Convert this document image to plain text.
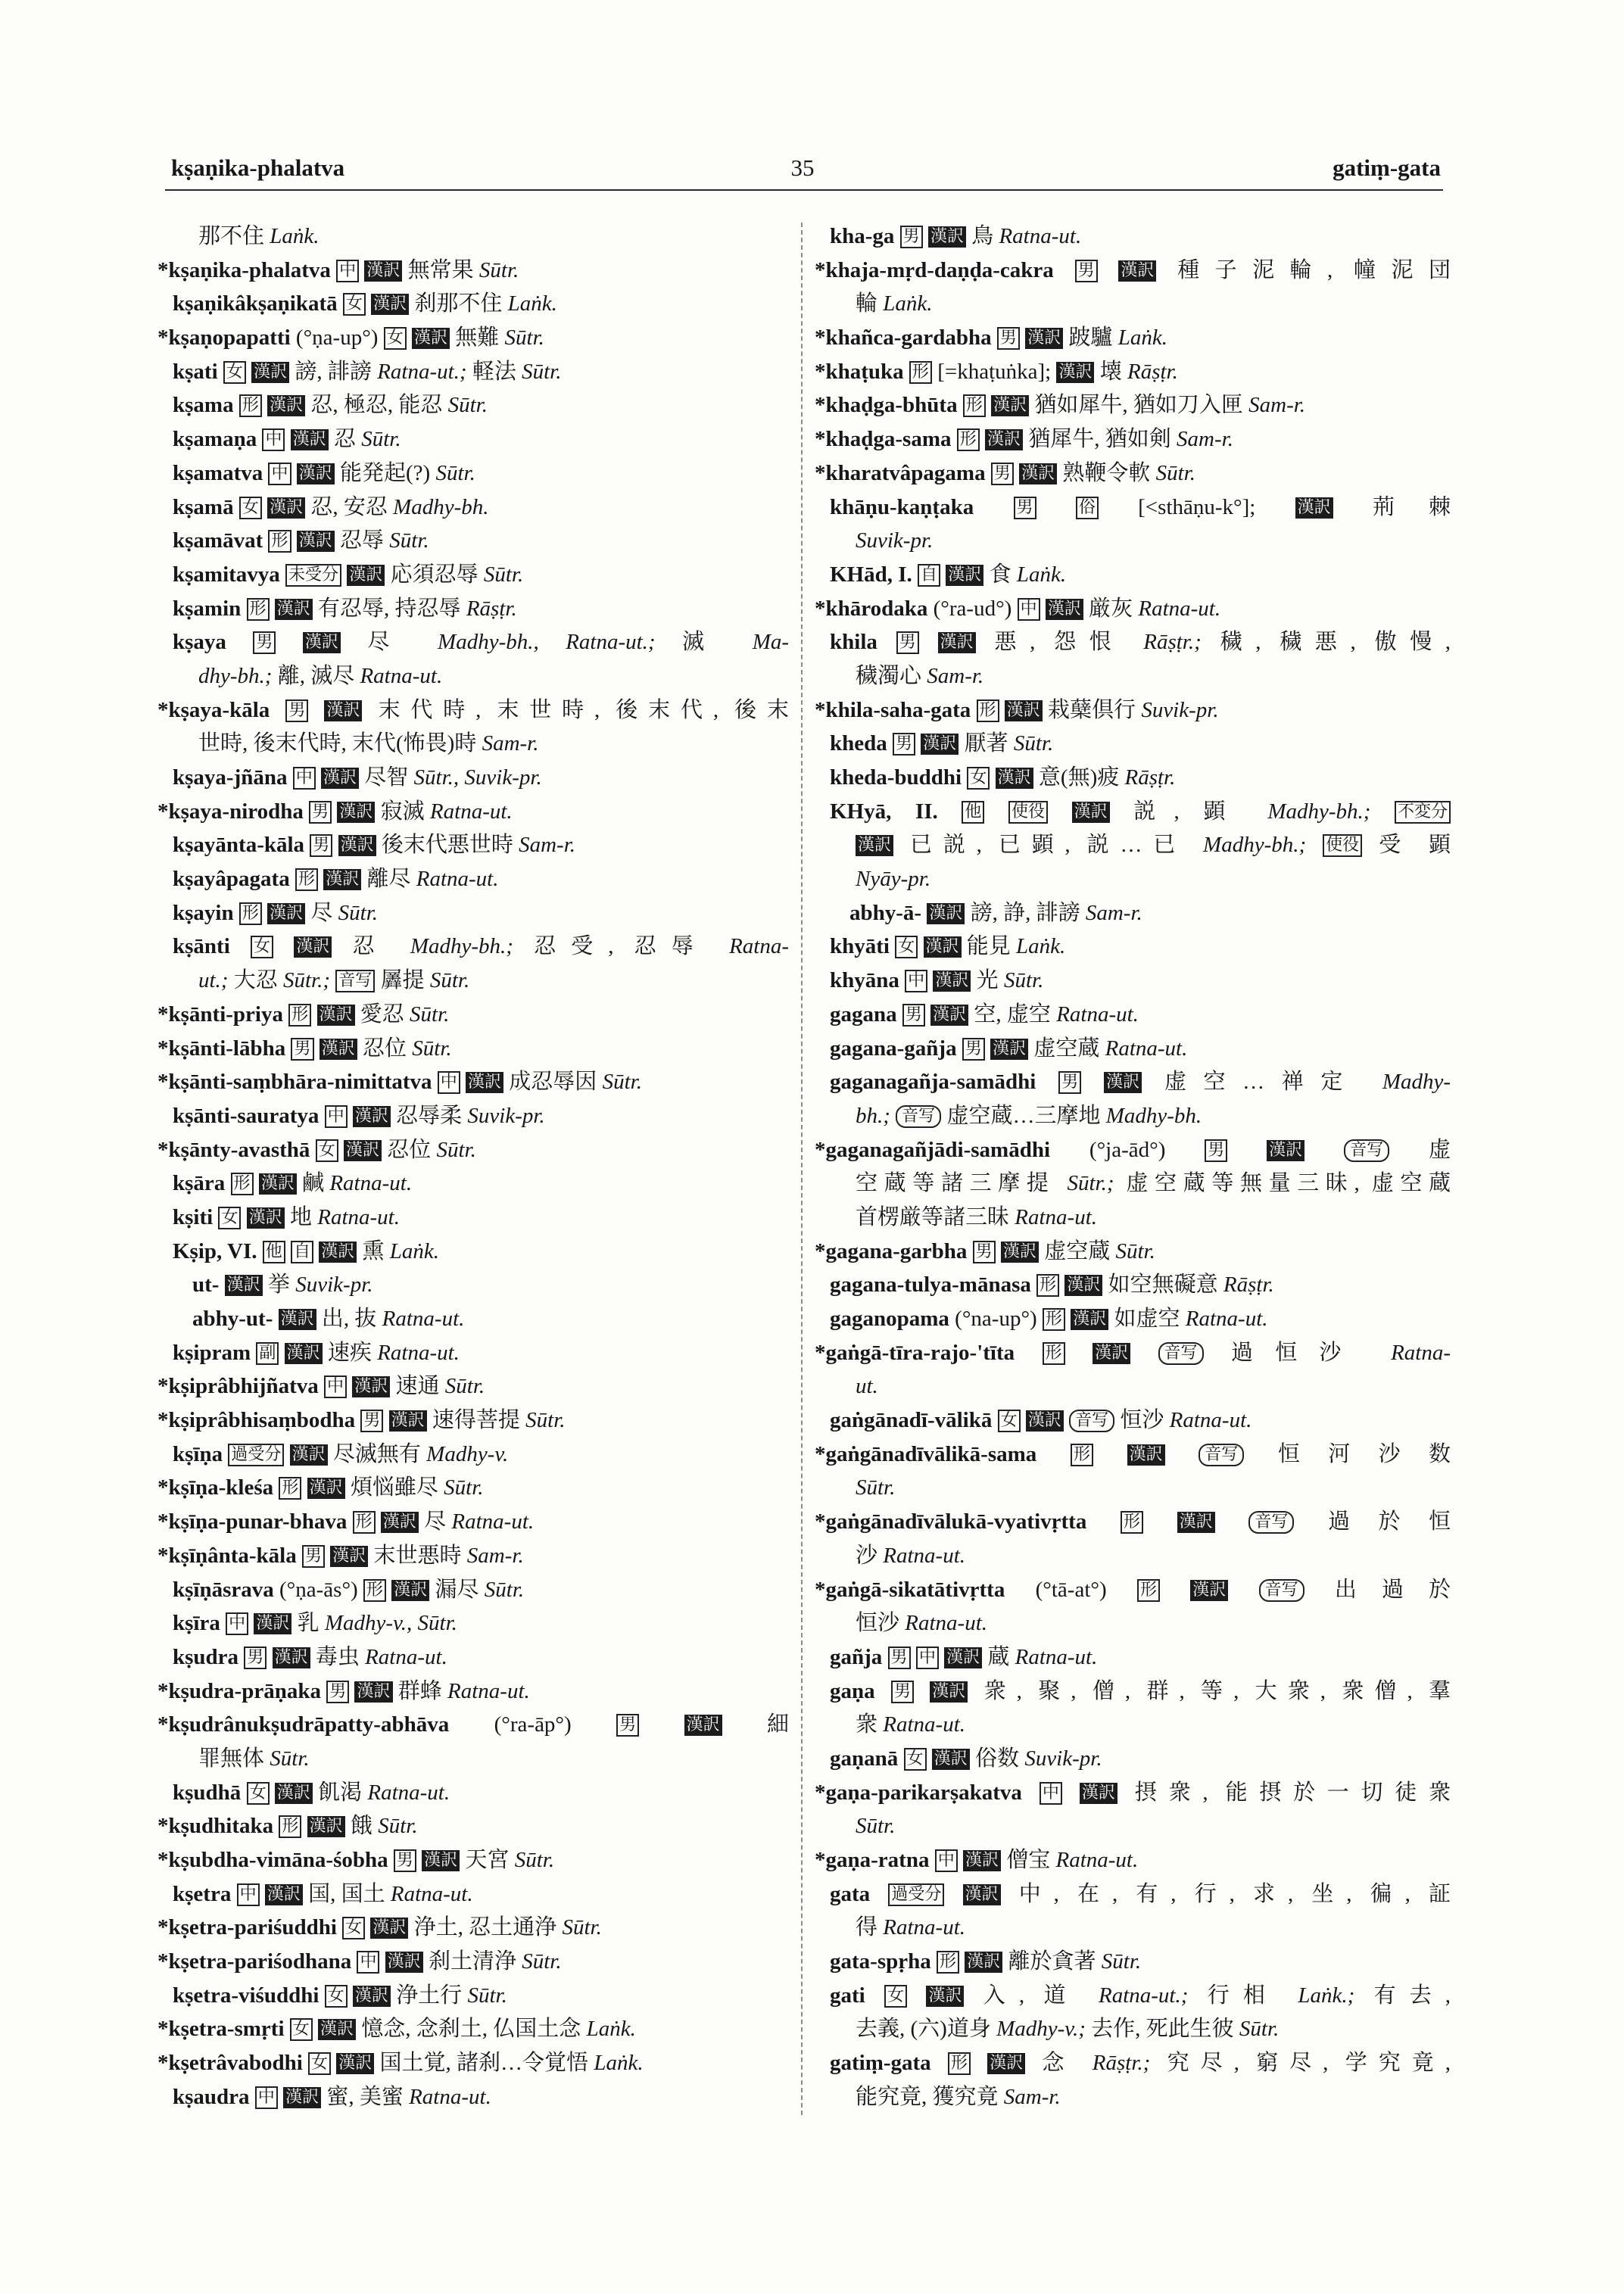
kṣaṇika-phalatva	35	gatiṃ-gata
那不住 Laṅk.
*kṣaṇika-phalatva 中 漢訳 無常果 Sūtr.
kṣaṇikâkṣaṇikatā 女 漢訳 刹那不住 Laṅk.
*kṣaṇopapatti (°ṇa-up°) 女 漢訳 無難 Sūtr.
kṣati 女 漢訳 謗, 誹謗 Ratna-ut.; 軽法 Sūtr.
kṣama 形 漢訳 忍, 極忍, 能忍 Sūtr.
kṣamaṇa 中 漢訳 忍 Sūtr.
kṣamatva 中 漢訳 能発起(?) Sūtr.
kṣamā 女 漢訳 忍, 安忍 Madhy-bh.
kṣamāvat 形 漢訳 忍辱 Sūtr.
kṣamitavya 未受分 漢訳 応須忍辱 Sūtr.
kṣamin 形 漢訳 有忍辱, 持忍辱 Rāṣṭr.
kṣaya 男 漢訳 尽 Madhy-bh., Ratna-ut.; 滅 Ma-
dhy-bh.; 離, 滅尽 Ratna-ut.
*kṣaya-kāla 男 漢訳 末代時, 末世時, 後末代, 後末
世時, 後末代時, 末代(怖畏)時 Sam-r.
kṣaya-jñāna 中 漢訳 尽智 Sūtr., Suvik-pr.
*kṣaya-nirodha 男 漢訳 寂滅 Ratna-ut.
kṣayānta-kāla 男 漢訳 後末代悪世時 Sam-r.
kṣayâpagata 形 漢訳 離尽 Ratna-ut.
kṣayin 形 漢訳 尽 Sūtr.
kṣānti 女 漢訳 忍 Madhy-bh.; 忍受, 忍辱 Ratna-
ut.; 大忍 Sūtr.; 音写 羼提 Sūtr.
*kṣānti-priya 形 漢訳 愛忍 Sūtr.
*kṣānti-lābha 男 漢訳 忍位 Sūtr.
*kṣānti-saṃbhāra-nimittatva 中 漢訳 成忍辱因 Sūtr.
kṣānti-sauratya 中 漢訳 忍辱柔 Suvik-pr.
*kṣānty-avasthā 女 漢訳 忍位 Sūtr.
kṣāra 形 漢訳 鹹 Ratna-ut.
kṣiti 女 漢訳 地 Ratna-ut.
Kṣip, VI. 他 自 漢訳 熏 Laṅk.
ut- 漢訳 挙 Suvik-pr.
abhy-ut- 漢訳 出, 抜 Ratna-ut.
kṣipram 副 漢訳 速疾 Ratna-ut.
*kṣiprâbhijñatva 中 漢訳 速通 Sūtr.
*kṣiprâbhisaṃbodha 男 漢訳 速得菩提 Sūtr.
kṣīṇa 過受分 漢訳 尽滅無有 Madhy-v.
*kṣīṇa-kleśa 形 漢訳 煩悩雖尽 Sūtr.
*kṣīṇa-punar-bhava 形 漢訳 尽 Ratna-ut.
*kṣīṇânta-kāla 男 漢訳 末世悪時 Sam-r.
kṣīṇāsrava (°ṇa-ās°) 形 漢訳 漏尽 Sūtr.
kṣīra 中 漢訳 乳 Madhy-v., Sūtr.
kṣudra 男 漢訳 毒虫 Ratna-ut.
*kṣudra-prāṇaka 男 漢訳 群蜂 Ratna-ut.
*kṣudrânukṣudrāpatty-abhāva (°ra-āp°)	男	漢訳 細
罪無体 Sūtr.
kṣudhā 女 漢訳 飢渇 Ratna-ut.
*kṣudhitaka 形 漢訳 餓 Sūtr.
*kṣubdha-vimāna-śobha 男 漢訳 天宮 Sūtr.
kṣetra 中 漢訳 国, 国土 Ratna-ut.
*kṣetra-pariśuddhi 女 漢訳 浄土, 忍土通浄 Sūtr.
*kṣetra-pariśodhana 中 漢訳 刹土清浄 Sūtr.
kṣetra-viśuddhi 女 漢訳 浄土行 Sūtr.
*kṣetra-smṛti 女 漢訳 憶念, 念刹土, 仏国土念 Laṅk.
*kṣetrâvabodhi 女 漢訳 国土覚, 諸刹…令覚悟 Laṅk.
kṣaudra 中 漢訳 蜜, 美蜜 Ratna-ut.
kha-ga 男 漢訳 鳥 Ratna-ut.
*khaja-mṛd-daṇḍa-cakra 男 漢訳 種子泥輪, 幢泥団
輪 Laṅk.
*khañca-gardabha 男 漢訳 跛驢 Laṅk.
*khaṭuka 形 [=khaṭuṅka]; 漢訳 壊 Rāṣṭr.
*khaḍga-bhūta 形 漢訳 猶如犀牛, 猶如刀入匣 Sam-r.
*khaḍga-sama 形 漢訳 猶犀牛, 猶如剣 Sam-r.
*kharatvâpagama 男 漢訳 熟鞭令軟 Sūtr.
khāṇu-kaṇṭaka	男	俗 [<sthāṇu-k°];	漢訳 荊棘
Suvik-pr.
KHād, I. 自 漢訳 食 Laṅk.
*khārodaka (°ra-ud°) 中 漢訳 厳灰 Ratna-ut.
khila 男 漢訳 悪, 怨恨 Rāṣṭr.; 穢, 穢悪, 傲慢,
穢濁心 Sam-r.
*khila-saha-gata 形 漢訳 栽蘖倶行 Suvik-pr.
kheda 男 漢訳 厭著 Sūtr.
kheda-buddhi 女 漢訳 意(無)疲 Rāṣṭr.
KHyā, II. 他 使役 漢訳 説, 顕 Madhy-bh.; 不変分
漢訳 已説, 已顕, 説…已 Madhy-bh.; 使役 受 顕
Nyāy-pr.
abhy-ā- 漢訳 謗, 諍, 誹謗 Sam-r.
khyāti 女 漢訳 能見 Laṅk.
khyāna 中 漢訳 光 Sūtr.
gagana 男 漢訳 空, 虚空 Ratna-ut.
gagana-gañja 男 漢訳 虚空蔵 Ratna-ut.
gaganagañja-samādhi 男 漢訳 虚空…禅定 Madhy-
bh.; 音写 虚空蔵…三摩地 Madhy-bh.
*gaganagañjādi-samādhi (°ja-ād°)	男	漢訳	音写 虚
空蔵等諸三摩提 Sūtr.; 虚空蔵等無量三昧, 虚空蔵
首楞厳等諸三昧 Ratna-ut.
*gagana-garbha 男 漢訳 虚空蔵 Sūtr.
gagana-tulya-mānasa 形 漢訳 如空無礙意 Rāṣṭr.
gaganopama (°na-up°) 形 漢訳 如虚空 Ratna-ut.
*gaṅgā-tīra-rajo-'tīta 形 漢訳 音写 過恒沙 Ratna-
ut.
gaṅgānadī-vālikā 女 漢訳 音写 恒沙 Ratna-ut.
*gaṅgānadīvālikā-sama 形 漢訳	音写 恒河沙数
Sūtr.
*gaṅgānadīvālukā-vyativṛtta 形 漢訳	音写 過於恒
沙 Ratna-ut.
*gaṅgā-sikatātivṛtta (°tā-at°) 形 漢訳 音写 出過於
恒沙 Ratna-ut.
gañja 男 中 漢訳 蔵 Ratna-ut.
gaṇa 男 漢訳 衆, 聚, 僧, 群, 等, 大衆, 衆僧, 羣
衆 Ratna-ut.
gaṇanā 女 漢訳 俗数 Suvik-pr.
*gaṇa-parikarṣakatva 中 漢訳 摂衆, 能摂於一切徒衆
Sūtr.
*gaṇa-ratna 中 漢訳 僧宝 Ratna-ut.
gata 過受分 漢訳 中, 在, 有, 行, 求, 坐, 徧, 証
得 Ratna-ut.
gata-spṛha 形 漢訳 離於貪著 Sūtr.
gati 女 漢訳 入, 道 Ratna-ut.; 行相 Laṅk.; 有去,
去義, (六)道身 Madhy-v.; 去作, 死此生彼 Sūtr.
gatiṃ-gata 形 漢訳 念 Rāṣṭr.; 究尽, 窮尽, 学究竟,
能究竟, 獲究竟 Sam-r.
